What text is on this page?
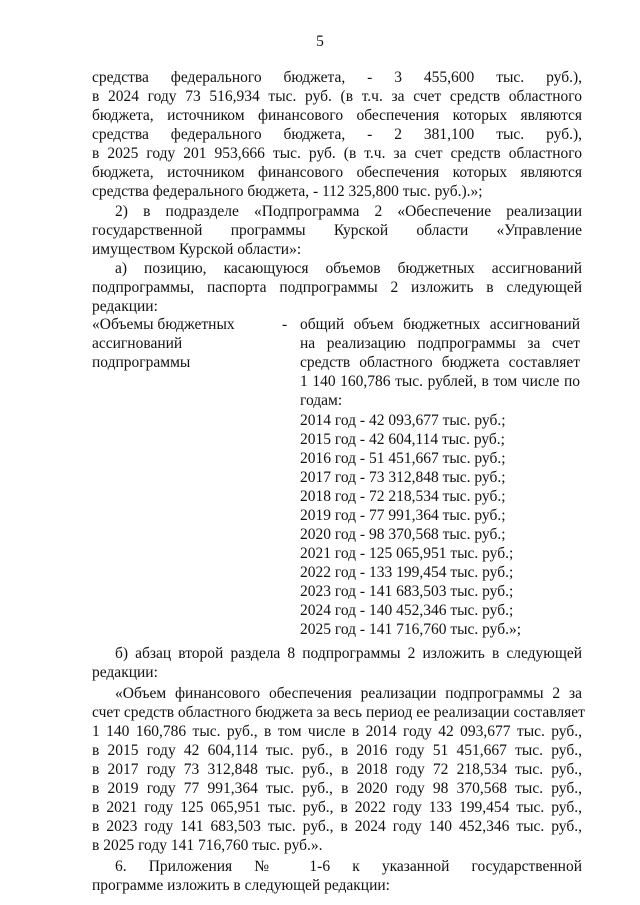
5
средства федерального бюджета, - 3 455,600 тыс. руб.),
в 2024 году 73 516,934 тыс. руб. (в т.ч. за счет средств областного
бюджета, источником финансового обеспечения которых являются
средства федерального бюджета, - 2 381,100 тыс. руб.),
в 2025 году 201 953,666 тыс. руб. (в т.ч. за счет средств областного
бюджета, источником финансового обеспечения которых являются
средства федерального бюджета, - 112 325,800 тыс. руб.).»;
2) в подразделе «Подпрограмма 2 «Обеспечение реализации
государственной программы Курской области «Управление
имуществом Курской области»:
а) позицию, касающуюся объемов бюджетных ассигнований
подпрограммы, паспорта подпрограммы 2 изложить в следующей
редакции:
«Объемы бюджетных
ассигнований
подпрограммы
- общий объем бюджетных ассигнований
на реализацию подпрограммы за счет
средств областного бюджета составляет
1 140 160,786 тыс. рублей, в том числе по
годам:
2014 год - 42 093,677 тыс. руб.;
2015 год - 42 604,114 тыс. руб.;
2016 год - 51 451,667 тыс. руб.;
2017 год - 73 312,848 тыс. руб.;
2018 год - 72 218,534 тыс. руб.;
2019 год - 77 991,364 тыс. руб.;
2020 год - 98 370,568 тыс. руб.;
2021 год - 125 065,951 тыс. руб.;
2022 год - 133 199,454 тыс. руб.;
2023 год - 141 683,503 тыс. руб.;
2024 год - 140 452,346 тыс. руб.;
2025 год - 141 716,760 тыс. руб.»;
б) абзац второй раздела 8 подпрограммы 2 изложить в следующей
редакции:
«Объем финансового обеспечения реализации подпрограммы 2 за
счет средств областного бюджета за весь период ее реализации составляет
1 140 160,786 тыс. руб., в том числе в 2014 году 42 093,677 тыс. руб.,
в 2015 году 42 604,114 тыс. руб., в 2016 году 51 451,667 тыс. руб.,
в 2017 году 73 312,848 тыс. руб., в 2018 году 72 218,534 тыс. руб.,
в 2019 году 77 991,364 тыс. руб., в 2020 году 98 370,568 тыс. руб.,
в 2021 году 125 065,951 тыс. руб., в 2022 году 133 199,454 тыс. руб.,
в 2023 году 141 683,503 тыс. руб., в 2024 году 140 452,346 тыс. руб.,
в 2025 году 141 716,760 тыс. руб.».
6. Приложения № 1-6 к указанной государственной
программе изложить в следующей редакции:
